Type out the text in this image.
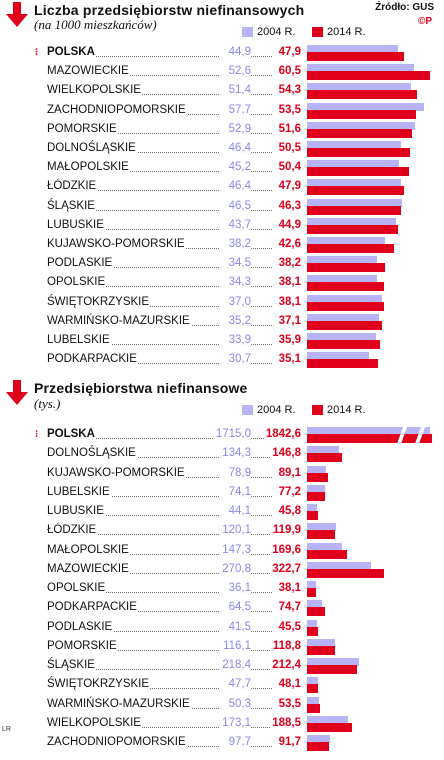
Źródło: GUS
©P
Liczba przedsiębiorstw niefinansowych
(na 1000 mieszkańców)	2004 R.	2014 R.
⁝ POLSKA	44,9 47,9
MAZOWIECKIE	52,6 60,5
WIELKOPOLSKIE	51,4 54,3
ZACHODNIOPOMORSKIE	57,7 53,5
POMORSKIE	52,9 51,6
DOLNOŚLĄSKIE	46,4 50,5
MAŁOPOLSKIE	45,2 50,4
ŁÓDZKIE	46,4 47,9
ŚLĄSKIE	46,5 46,3
LUBUSKIE	43,7 44,9
KUJAWSKO-POMORSKIE	38,2 42,6
PODLASKIE	34,5 38,2
OPOLSKIE	34,3 38,1
ŚWIĘTOKRZYSKIE	37,0 38,1
WARMIŃSKO-MAZURSKIE	35,2 37,1
LUBELSKIE	33,9 35,9
PODKARPACKIE	30,7 35,1
Przedsiębiorstwa niefinansowe
(tys.)	2004 R.	2014 R.
⁝ POLSKA	1715,0 1842,6
DOLNOŚLĄSKIE	134,3 146,8
KUJAWSKO-POMORSKIE	78,9 89,1
LUBELSKIE	74,1 77,2
LUBUSKIE	44,1 45,8
ŁÓDZKIE	120,1 119,9
MAŁOPOLSKIE	147,3 169,6
MAZOWIECKIE	270,8 322,7
OPOLSKIE	36,1 38,1
PODKARPACKIE	64,5 74,7
PODLASKIE	41,5 45,5
POMORSKIE	116,1 118,8
ŚLĄSKIE	218,4 212,4
ŚWIĘTOKRZYSKIE	47,7 48,1
WARMIŃSKO-MAZURSKIE	50,3 53,5
WIELKOPOLSKIE	173,1 188,5
ZACHODNIOPOMORSKIE	97,7 91,7
LR
